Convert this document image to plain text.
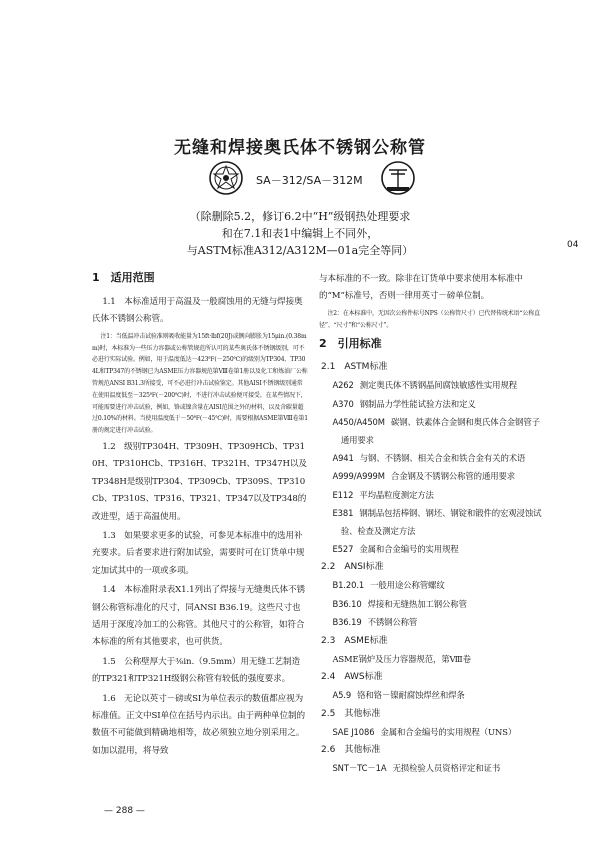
无缝和焊接奥氏体不锈钢公称管
SA－312/SA－312M
（除删除5.2，修订6.2中“H”级钢热处理要求
和在7.1和表1中编辑上不同外，
与ASTM标准A312/A312M—01a完全等同）	04
1　适用范围

1.1　本标准适用于高温及一般腐蚀用的无缝与焊接奥氏体不锈钢公称管。

注1：当低温冲击试验准则吸收能量为15ft·lbf(20J)或侧向膨胀为15μin.(0.38mm)时，本标准为一些压力容器或公称管规范所认可的某些奥氏体不锈钢级别，可不必进行实际试验。例如，用于温度低达－423℉(－250℃)的级别为TP304、TP304L和TP347的不锈钢已为ASME压力容器规范第Ⅷ卷第1册以及化工和炼油厂公称管规范ANSI B31.3所接受，可不必进行冲击试验鉴定。其他AISI不锈钢级别通常在使用温度低至－325℉(－200℃)时，不进行冲击试验便可接受。在某些情况下，可能需要进行冲击试验，例如，铬或镍含量在AISI范围之外的材料，以及含碳量超过0.10%的材料。当使用温度低于－50℉(－45℃)时，需要根据ASME第Ⅷ卷第1册的规定进行冲击试验。

1.2　级别TP304H、TP309H、TP309HCb、TP310H、TP310HCb、TP316H、TP321H、TP347H以及TP348H是级别TP304、TP309Cb、TP309S、TP310Cb、TP310S、TP316、TP321、TP347以及TP348的改进型，适于高温使用。

1.3　如果要求更多的试验，可参见本标准中的选用补充要求。后者要求进行附加试验，需要时可在订货单中规定加试其中的一项或多项。

1.4　本标准附录表X1.1列出了焊接与无缝奥氏体不锈钢公称管标准化的尺寸，同ANSI B36.19。这些尺寸也适用于深度冷加工的公称管。其他尺寸的公称管，如符合本标准的所有其他要求，也可供货。

1.5　公称壁厚大于⅜in.（9.5mm）用无缝工艺制造的TP321和TP321H级钢公称管有较低的强度要求。

1.6　无论以英寸－磅或SI为单位表示的数值都应视为标准值。正文中SI单位在括号内示出。由于两种单位制的数值不可能做到精确地相等，故必须独立地分别采用之。如加以混用，将导致

与本标准的不一致。除非在订货单中要求使用本标准中的“M”标准号，否则一律用英寸－磅单位制。

注2：在本标准中，无因次公称件标号NPS（公称管尺寸）已代替传统术语“公称直径”、“尺寸”和“公称尺寸”。

2　引用标准
2.1　ASTM标准

A262 测定奥氏体不锈钢晶间腐蚀敏感性实用规程

A370 钢制品力学性能试验方法和定义

A450/A450M 碳钢、铁素体合金钢和奥氏体合金钢管子通用要求

A941 与钢、不锈钢、相关合金和铁合金有关的术语

A999/A999M 合金钢及不锈钢公称管的通用要求

E112 平均晶粒度测定方法

E381 钢制品包括棒钢、钢坯、钢锭和锻件的宏观浸蚀试验、检查及测定方法

E527 金属和合金编号的实用规程

2.2　ANSI标准

B1.20.1 一般用途公称管螺纹

B36.10 焊接和无缝热加工钢公称管

B36.19 不锈钢公称管

2.3　ASME标准

ASME锅炉及压力容器规范，第Ⅷ卷

2.4　AWS标准

A5.9 铬和铬－镍耐腐蚀焊丝和焊条

2.5　其他标准

SAE J1086 金属和合金编号的实用规程（UNS）

2.6　其他标准

SNT－TC－1A 无损检验人员资格评定和证书

— 288 —
